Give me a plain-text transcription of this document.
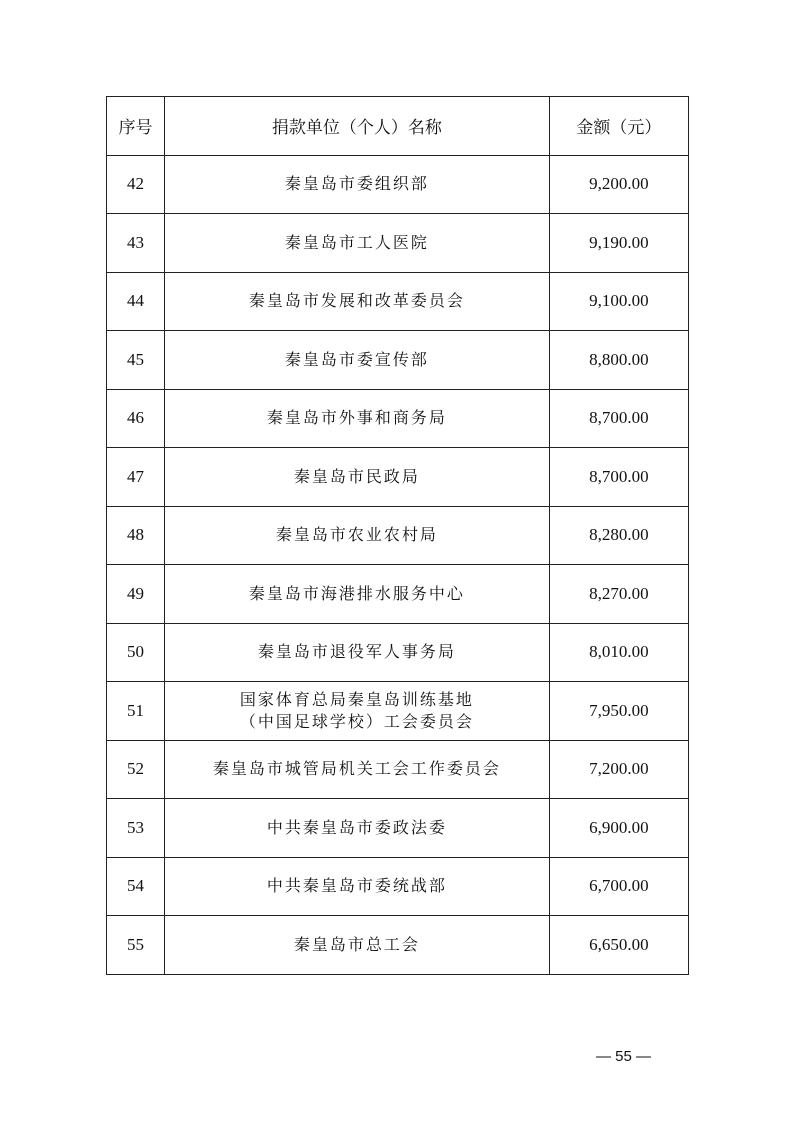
序号	捐款单位（个人）名称	金额（元）
42	秦皇岛市委组织部	9,200.00
43	秦皇岛市工人医院	9,190.00
44	秦皇岛市发展和改革委员会	9,100.00
45	秦皇岛市委宣传部	8,800.00
46	秦皇岛市外事和商务局	8,700.00
47	秦皇岛市民政局	8,700.00
48	秦皇岛市农业农村局	8,280.00
49	秦皇岛市海港排水服务中心	8,270.00
50	秦皇岛市退役军人事务局	8,010.00
51	国家体育总局秦皇岛训练基地
（中国足球学校）工会委员会	7,950.00
52	秦皇岛市城管局机关工会工作委员会	7,200.00
53	中共秦皇岛市委政法委	6,900.00
54	中共秦皇岛市委统战部	6,700.00
55	秦皇岛市总工会	6,650.00
— 55 —
